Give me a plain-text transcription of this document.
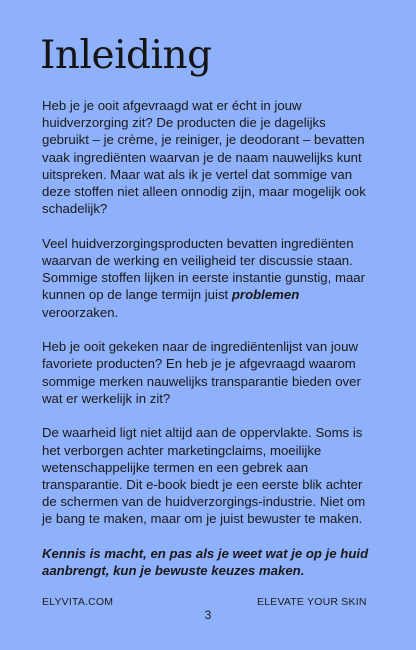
Inleiding

Heb je je ooit afgevraagd wat er écht in jouw huidverzorging zit? De producten die je dagelijks gebruikt – je crème, je reiniger, je deodorant – bevatten vaak ingrediënten waarvan je de naam nauwelijks kunt uitspreken. Maar wat als ik je vertel dat sommige van deze stoffen niet alleen onnodig zijn, maar mogelijk ook schadelijk?

Veel huidverzorgingsproducten bevatten ingrediënten waarvan de werking en veiligheid ter discussie staan. Sommige stoffen lijken in eerste instantie gunstig, maar kunnen op de lange termijn juist problemen veroorzaken.

Heb je ooit gekeken naar de ingrediëntenlijst van jouw favoriete producten? En heb je je afgevraagd waarom sommige merken nauwelijks transparantie bieden over wat er werkelijk in zit?

De waarheid ligt niet altijd aan de oppervlakte. Soms is het verborgen achter marketingclaims, moeilijke wetenschappelijke termen en een gebrek aan transparantie. Dit e-book biedt je een eerste blik achter de schermen van de huidverzorgings-industrie. Niet om je bang te maken, maar om je juist bewuster te maken.

Kennis is macht, en pas als je weet wat je op je huid aanbrengt, kun je bewuste keuzes maken.

ELYVITA.COM	ELEVATE YOUR SKIN
3
